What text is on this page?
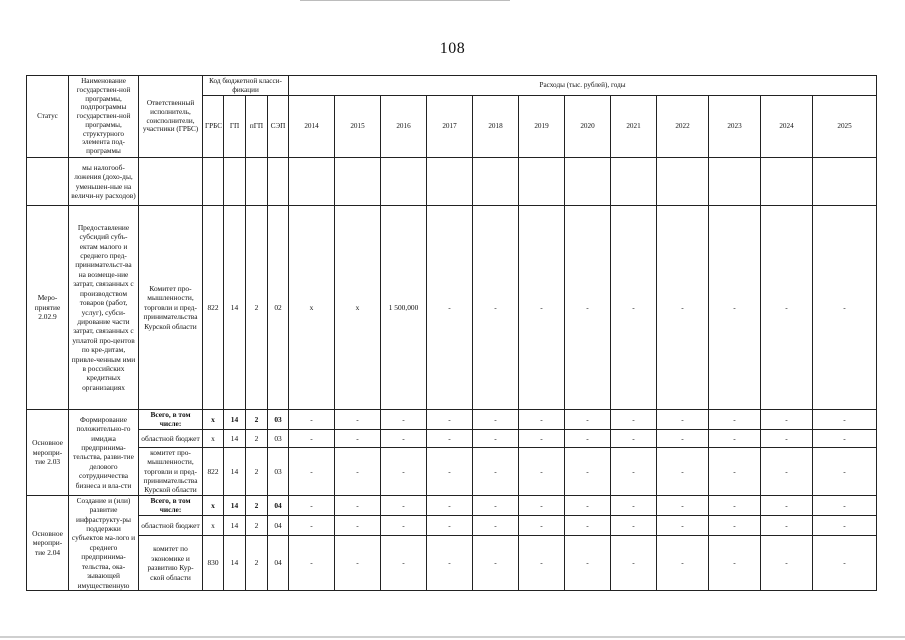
108
Статус	Наименование государствен-ной программы, подпрограммы государствен-ной программы, структурного элемента под-программы	Ответственный исполнитель, соисполнители, участники (ГРБС)	Код бюджетной класси-фикации				Расходы (тыс. рублей), годы											
			ГРБС	ГП	пГП	СЭП	2014	2015	2016	2017	2018	2019	2020	2021	2022	2023	2024	2025
	мы налогооб-ложения (дохо-ды, уменьшен-ные на величи-ну расходов)																	
Меро-приятие 2.02.9	Предоставление субсидий субъ-ектам малого и среднего пред-принимательст-ва на возмеще-ние затрат, связанных с производством товаров (работ, услуг), субси-дирование части затрат, связанных с уплатой про-центов по кре-дитам, привле-ченным ими в российских кредитных организациях	Комитет про-мышленности, торговли и пред-принимательства Курской области	822	14	2	02	х	х	1 500,000	-	-	-	-	-	-	-	-	-
Основное меропри-тие 2.03	Формирование положительно-го имиджа предпринима-тельства, разви-тие делового сотрудничества бизнеса и вла-сти	Всего, в том числе:	х	14	2	03	-	-	-	-	-	-	-	-	-	-	-	-
		областной бюджет	х	14	2	03	-	-	-	-	-	-	-	-	-	-	-	-
		комитет про-мышленности, торговли и пред-принимательства Курской области	822	14	2	03	-	-	-	-	-	-	-	-	-	-	-	-
Основное меропри-тие 2.04	Создание и (или) развитие инфраструкту-ры поддержки субъектов ма-лого и среднего предпринима-тельства, ока-зывающей имущественную	Всего, в том числе:	х	14	2	04	-	-	-	-	-	-	-	-	-	-	-	-
		областной бюджет	х	14	2	04	-	-	-	-	-	-	-	-	-	-	-	-
		комитет по экономике и развитию Кур-ской области	830	14	2	04	-	-	-	-	-	-	-	-	-	-	-	-
